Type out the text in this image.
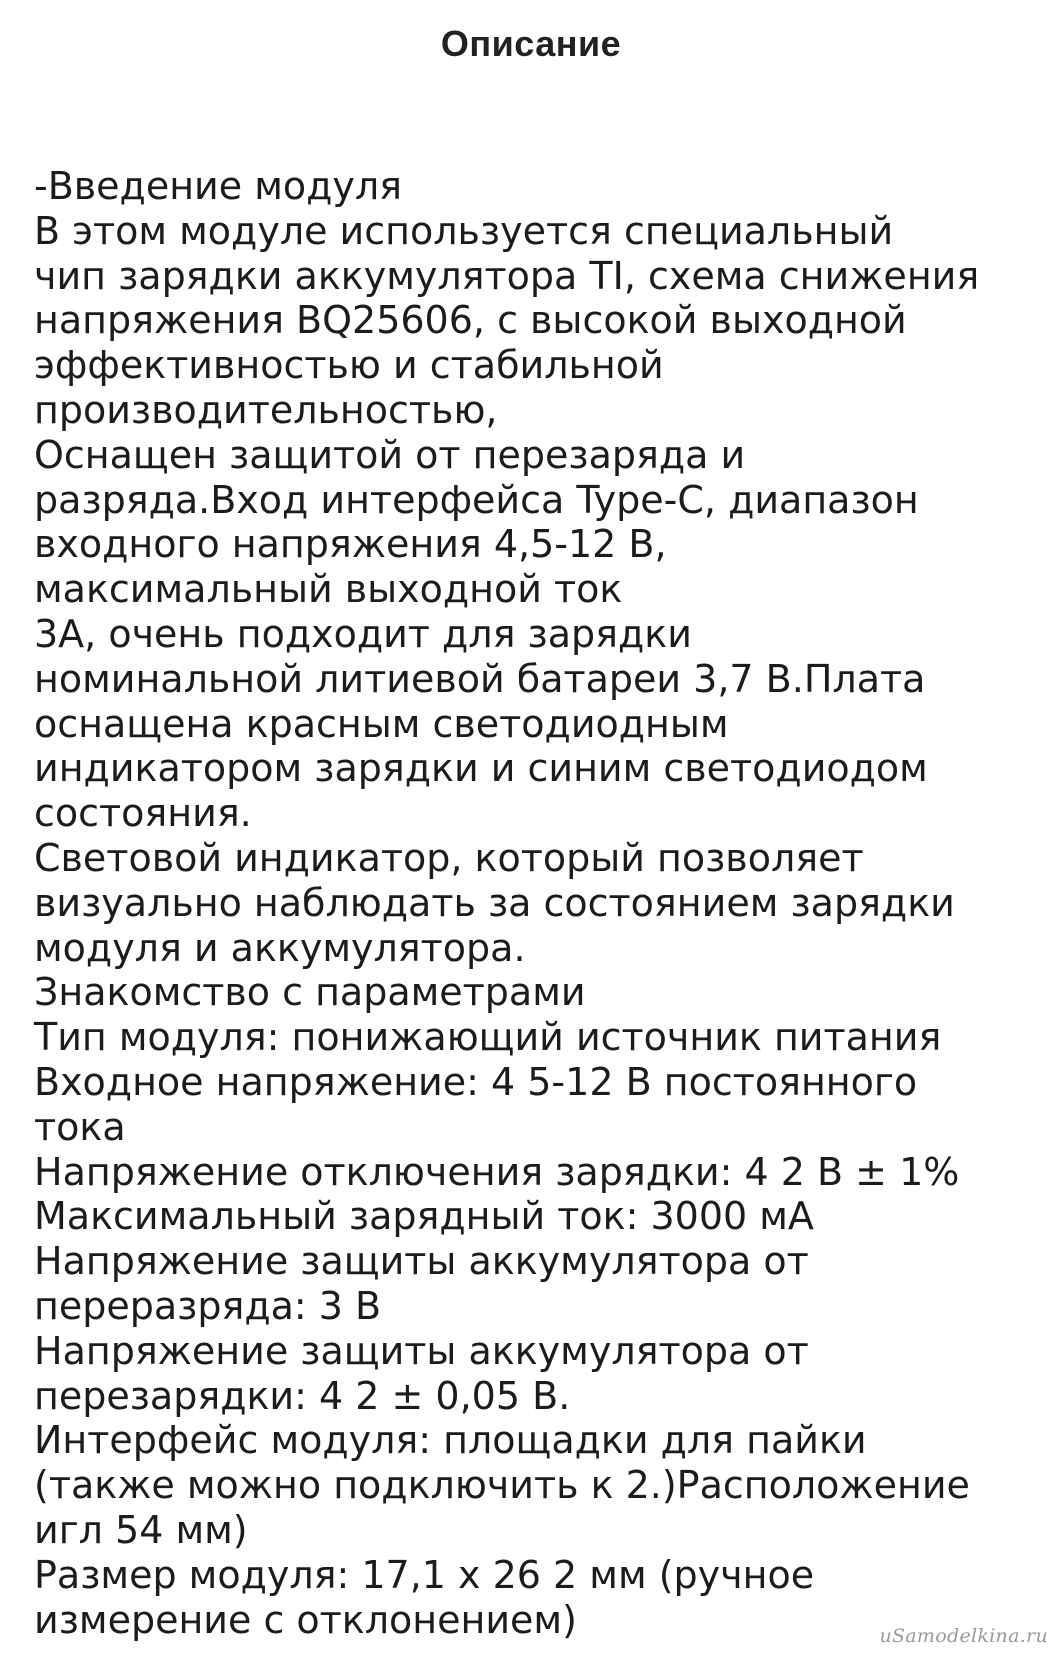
Описание
-Введение модуля
В этом модуле используется специальный
чип зарядки аккумулятора TI, схема снижения
напряжения BQ25606, с высокой выходной
эффективностью и стабильной
производительностью,
Оснащен защитой от перезаряда и
разряда.Вход интерфейса Type-C, диапазон
входного напряжения 4,5-12 В,
максимальный выходной ток
3А, очень подходит для зарядки
номинальной литиевой батареи 3,7 В.Плата
оснащена красным светодиодным
индикатором зарядки и синим светодиодом
состояния.
Световой индикатор, который позволяет
визуально наблюдать за состоянием зарядки
модуля и аккумулятора.
Знакомство с параметрами
Тип модуля: понижающий источник питания
Входное напряжение: 4 5-12 В постоянного
тока
Напряжение отключения зарядки: 4 2 В ± 1%
Максимальный зарядный ток: 3000 мА
Напряжение защиты аккумулятора от
переразряда: 3 В
Напряжение защиты аккумулятора от
перезарядки: 4 2 ± 0,05 В.
Интерфейс модуля: площадки для пайки
(также можно подключить к 2.)Расположение
игл 54 мм)
Размер модуля: 17,1 х 26 2 мм (ручное
измерение с отклонением)	uSamodelkina.ru
